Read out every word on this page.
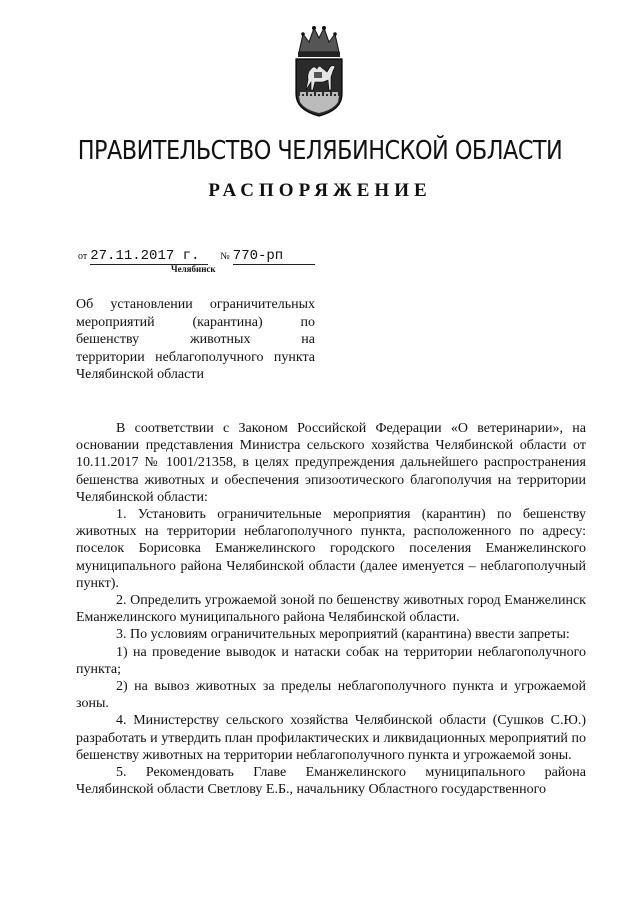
ПРАВИТЕЛЬСТВО ЧЕЛЯБИНСКОЙ ОБЛАСТИ
РАСПОРЯЖЕНИЕ
от 27.11.2017 г. № 770-рп
Челябинск

Об установлении ограничительных

мероприятий (карантина) по

бешенству животных на

территории неблагополучного пункта

Челябинской области

В соответствии с Законом Российской Федерации «О ветеринарии», на основании представления Министра сельского хозяйства Челябинской области от 10.11.2017 № 1001/21358, в целях предупреждения дальнейшего распространения бешенства животных и обеспечения эпизоотического благополучия на территории Челябинской области:

1. Установить ограничительные мероприятия (карантин) по бешенству животных на территории неблагополучного пункта, расположенного по адресу: поселок Борисовка Еманжелинского городского поселения Еманжелинского муниципального района Челябинской области (далее именуется – неблагополучный пункт).

2. Определить угрожаемой зоной по бешенству животных город Еманжелинск Еманжелинского муниципального района Челябинской области.

3. По условиям ограничительных мероприятий (карантина) ввести запреты:

1) на проведение выводок и натаски собак на территории неблагополучного пункта;

2) на вывоз животных за пределы неблагополучного пункта и угрожаемой зоны.

4. Министерству сельского хозяйства Челябинской области (Сушков С.Ю.) разработать и утвердить план профилактических и ликвидационных мероприятий по бешенству животных на территории неблагополучного пункта и угрожаемой зоны.

5. Рекомендовать Главе Еманжелинского муниципального района Челябинской области Светлову Е.Б., начальнику Областного государственного
